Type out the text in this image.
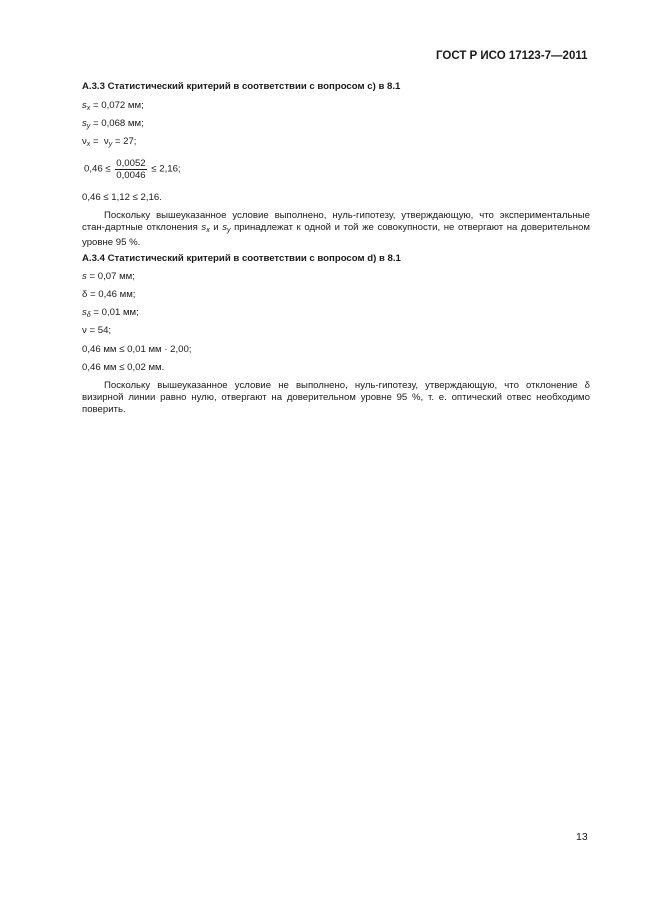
ГОСТ Р ИСО 17123-7—2011
А.3.3 Статистический критерий в соответствии с вопросом c) в 8.1
$s_x = 0,072$ мм;
$s_y = 0,068$ мм;
$\nu_x = \nu_y = 27$;
$0,46 \le \frac{0,0052}{0,0046} \le 2,16$;
0,46 ≤ 1,12 ≤ 2,16.
Поскольку вышеуказанное условие выполнено, нуль-гипотезу, утверждающую, что экспериментальные стан-дартные отклонения $s_x$ и $s_y$ принадлежат к одной и той же совокупности, не отвергают на доверительном уровне 95 %.
А.3.4 Статистический критерий в соответствии с вопросом d) в 8.1
s = 0,07 мм;
δ = 0,46 мм;
$s_\delta = 0,01$ мм;
ν = 54;
0,46 мм ≤ 0,01 мм · 2,00;
0,46 мм ≤ 0,02 мм.
Поскольку вышеуказанное условие не выполнено, нуль-гипотезу, утверждающую, что отклонение δ визирной линии равно нулю, отвергают на доверительном уровне 95 %, т. е. оптический отвес необходимо поверить.
13
